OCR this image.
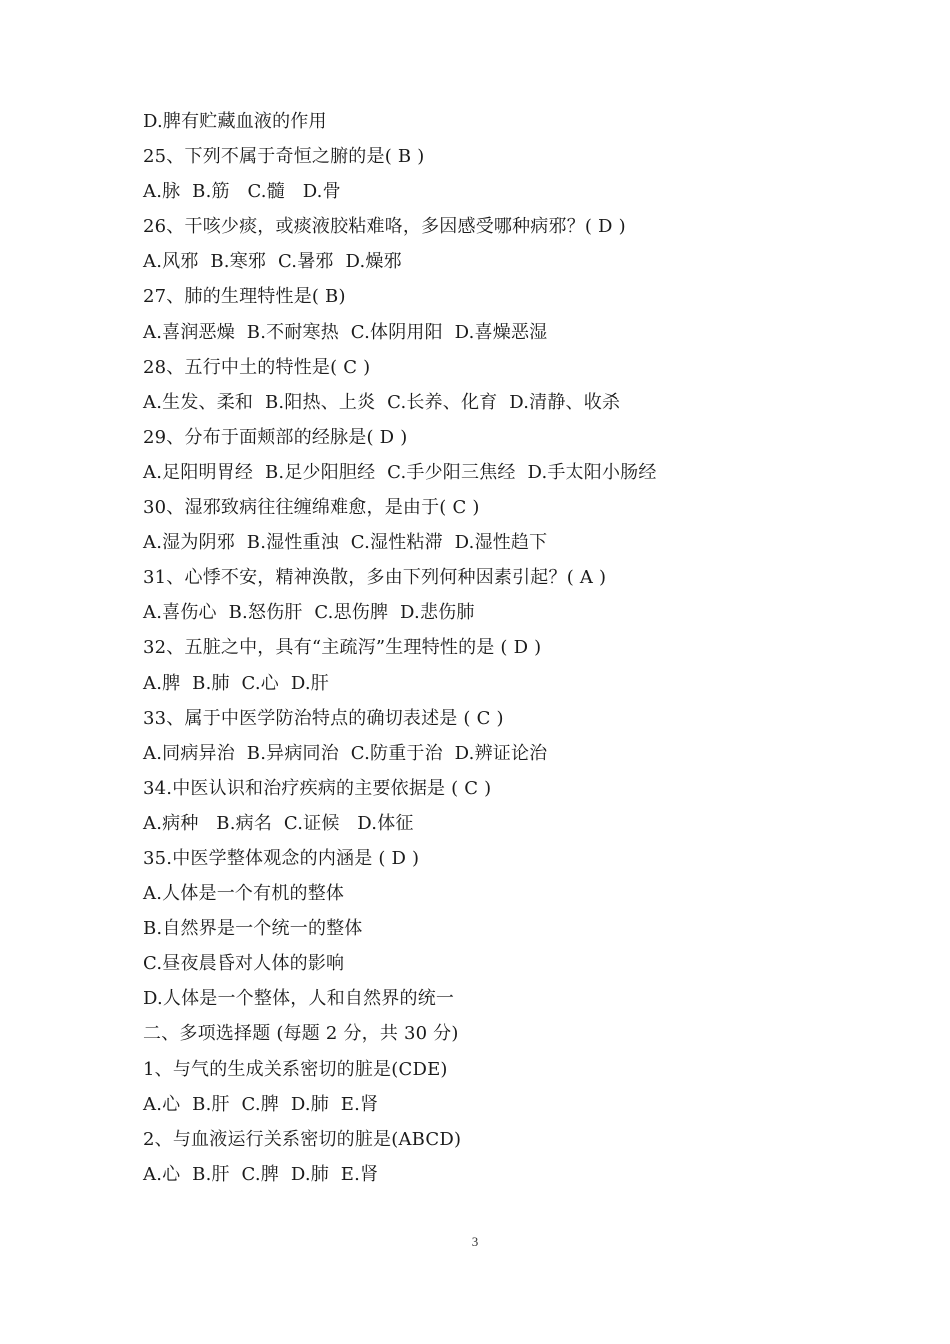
D.脾有贮藏血液的作用
25、下列不属于奇恒之腑的是( B )
A.脉  B.筋   C.髓   D.骨
26、干咳少痰，或痰液胶粘难咯，多因感受哪种病邪？( D )
A.风邪  B.寒邪  C.暑邪  D.燥邪
27、肺的生理特性是( B)
A.喜润恶燥  B.不耐寒热  C.体阴用阳  D.喜燥恶湿
28、五行中土的特性是( C )
A.生发、柔和  B.阳热、上炎  C.长养、化育  D.清静、收杀
29、分布于面颊部的经脉是( D )
A.足阳明胃经  B.足少阳胆经  C.手少阳三焦经  D.手太阳小肠经
30、湿邪致病往往缠绵难愈，是由于( C )
A.湿为阴邪  B.湿性重浊  C.湿性粘滞  D.湿性趋下
31、心悸不安，精神涣散，多由下列何种因素引起？( A )
A.喜伤心  B.怒伤肝  C.思伤脾  D.悲伤肺
32、五脏之中，具有“主疏泻”生理特性的是 ( D )
A.脾  B.肺  C.心  D.肝
33、属于中医学防治特点的确切表述是 ( C )
A.同病异治  B.异病同治  C.防重于治  D.辨证论治
34.中医认识和治疗疾病的主要依据是 ( C )
A.病种   B.病名  C.证候   D.体征
35.中医学整体观念的内涵是 ( D )
A.人体是一个有机的整体
B.自然界是一个统一的整体
C.昼夜晨昏对人体的影响
D.人体是一个整体，人和自然界的统一
二、多项选择题 (每题 2 分，共 30 分)
1、与气的生成关系密切的脏是(CDE)
A.心  B.肝  C.脾  D.肺  E.肾
2、与血液运行关系密切的脏是(ABCD)
A.心  B.肝  C.脾  D.肺  E.肾
3
